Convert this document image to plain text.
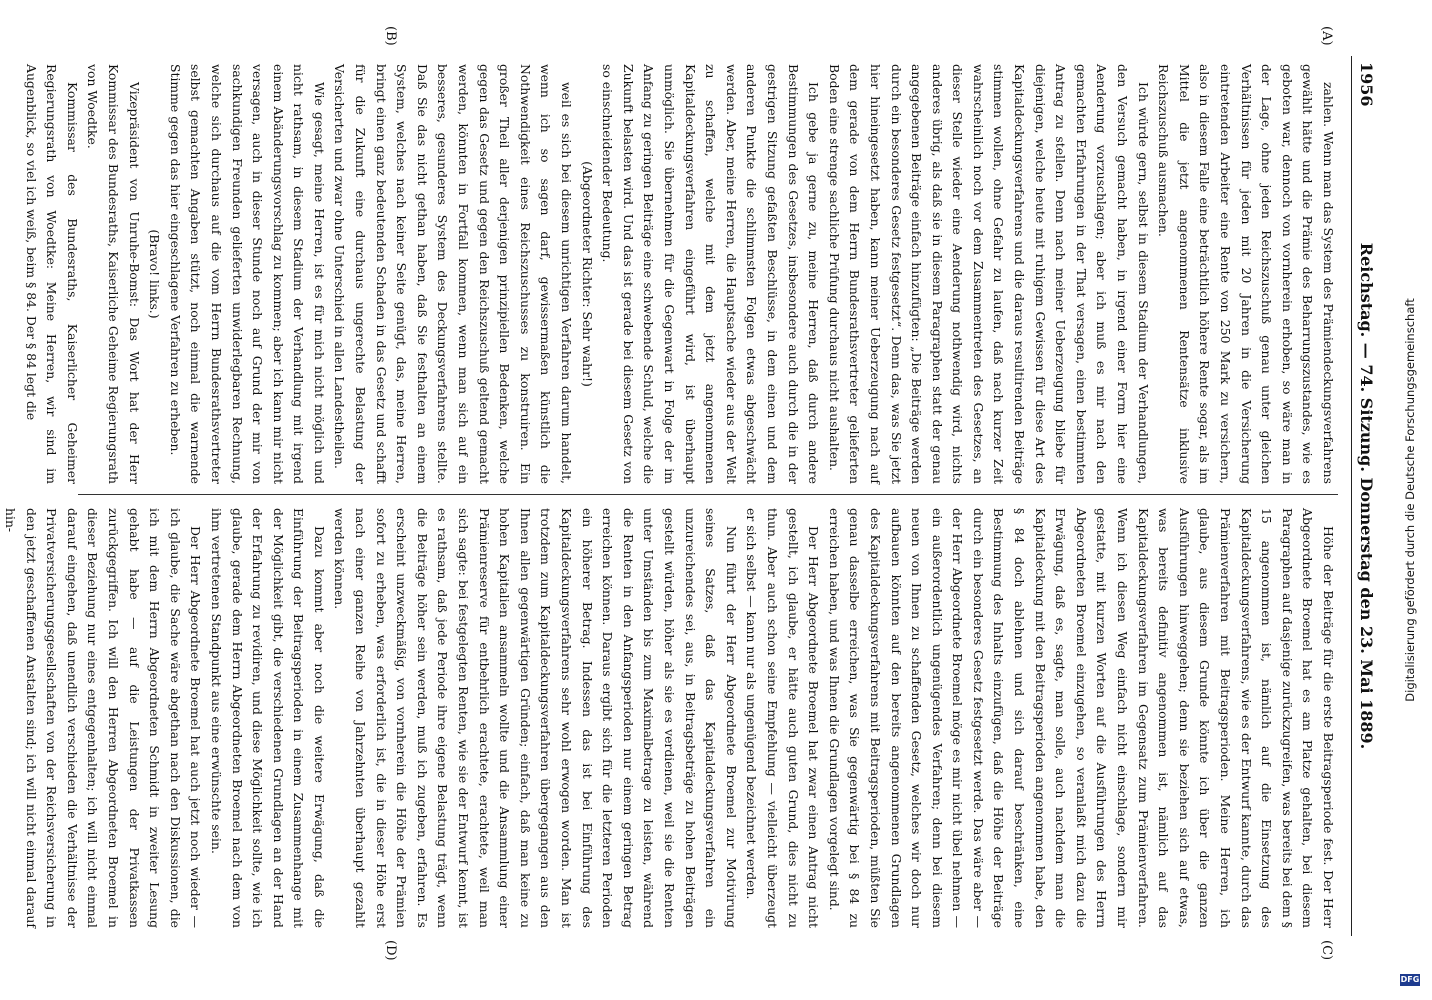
1956
Reichstag. — 74. Sitzung. Donnerstag den 23. Mai 1889.
(A)
(B)
(C)
(D)

zahlen. Wenn man das System des Prämiendeckungsverfahrens gewählt hätte und die Prämie des Beharrungszustandes, wie es geboten war, dennoch von vornherein erhoben, so wäre man in der Lage, ohne jeden Reichszuschuß genau unter gleichen Verhältnissen für jeden mit 20 Jahren in die Versicherung eintretenden Arbeiter eine Rente von 250 Mark zu versichern, also in diesem Falle eine beträchtlich höhere Rente sogar, als im Mittel die jetzt angenommenen Rentensätze inklusive Reichszuschuß ausmachen.

Ich würde gern, selbst in diesem Stadium der Verhandlungen, den Versuch gemacht haben, in irgend einer Form hier eine Aenderung vorzuschlagen; aber ich muß es mir nach den gemachten Erfahrungen in der That versagen, einen bestimmten Antrag zu stellen. Denn nach meiner Ueberzeugung bliebe für diejenigen, welche heute mit ruhigem Gewissen für diese Art des Kapitaldeckungsverfahrens und die daraus resultirenden Beiträge stimmen wollen, ohne Gefahr zu laufen, daß nach kurzer Zeit wahrscheinlich noch vor dem Zusammentreten des Gesetzes, an dieser Stelle wieder eine Aenderung nothwendig wird, nichts anderes übrig, als daß sie in diesem Paragraphen statt der genau angegebenen Beiträge einfach hinzufügten: „Die Beiträge werden durch ein besonderes Gesetz festgesetzt“. Denn das, was Sie jetzt hier hineingesetzt haben, kann meiner Ueberzeugung nach auf dem gerade von dem Herrn Bundesrathsvertreter gelieferten Boden eine strenge sachliche Prüfung durchaus nicht aushalten.

Ich gebe ja gerne zu, meine Herren, daß durch andere Bestimmungen des Gesetzes, insbesondere auch durch die in der gestrigen Sitzung gefaßten Beschlüsse, in dem einen und dem anderen Punkte die schlimmsten Folgen etwas abgeschwächt werden. Aber, meine Herren, die Hauptsache wieder aus der Welt zu schaffen, welche mit dem jetzt angenommenen Kapitaldeckungsverfahren eingeführt wird, ist überhaupt unmöglich. Sie übernehmen für die Gegenwart in Folge der im Anfang zu geringen Beiträge eine schwebende Schuld, welche die Zukunft belasten wird. Und das ist gerade bei diesem Gesetz von so einschneidender Bedeutung.

(Abgeordneter Richter: Sehr wahr!)

weil es sich bei diesem unrichtigen Verfahren darum handelt, wenn ich so sagen darf, gewissermaßen künstlich die Nothwendigkeit eines Reichszuschusses zu konstruiren. Ein großer Theil aller derjenigen prinzipiellen Bedenken, welche gegen das Gesetz und gegen den Reichszuschuß geltend gemacht werden, könnten in Fortfall kommen, wenn man sich auf ein besseres, gesunderes System des Deckungsverfahrens stellte. Daß Sie das nicht gethan haben, daß Sie festhalten an einem System, welches nach keiner Seite genügt, das, meine Herren, bringt einen ganz bedeutenden Schaden in das Gesetz und schafft für die Zukunft eine durchaus ungerechte Belastung der Versicherten und zwar ohne Unterschied in allen Landestheilen.

Wie gesagt, meine Herren, ist es für mich nicht möglich und nicht rathsam, in diesem Stadium der Verhandlung mit irgend einem Abänderungsvorschlag zu kommen; aber ich kann mir nicht versagen, auch in dieser Stunde noch auf Grund der mir von sachkundigen Freunden gelieferten unwiderlegbaren Rechnung, welche sich durchaus auf die vom Herrn Bundesrathsvertreter selbst gemachten Angaben stützt, noch einmal die warnende Stimme gegen das hier eingeschlagene Verfahren zu erheben.

(Bravo! links.)

Vizepräsident von Unruhe-Bomst: Das Wort hat der Herr Kommissar des Bundesraths, Kaiserliche Geheime Regierungsrath von Woedtke.

Kommissar des Bundesraths, Kaiserlicher Geheimer Regierungsrath von Woedtke: Meine Herren, wir sind im Augenblick, so viel ich weiß, beim § 84. Der § 84 legt die

Höhe der Beiträge für die erste Beitragsperiode fest. Der Herr Abgeordnete Broemel hat es am Platze gehalten, bei diesem Paragraphen auf dasjenige zurückzugreifen, was bereits bei dem § 15 angenommen ist, nämlich auf die Einsetzung des Kapitaldeckungsverfahrens, wie es der Entwurf kannte, durch das Prämienverfahren mit Beitragsperioden. Meine Herren, ich glaube, aus diesem Grunde könnte ich über die ganzen Ausführungen hinweggehen; denn sie beziehen sich auf etwas, was bereits definitiv angenommen ist, nämlich auf das Kapitaldeckungsverfahren im Gegensatz zum Prämienverfahren. Wenn ich diesen Weg einfach nicht einschlage, sondern mir gestatte, mit kurzen Worten auf die Ausführungen des Herrn Abgeordneten Broemel einzugehen, so veranlaßt mich dazu die Erwägung, daß es, sagte, man solle, auch nachdem man die Kapitaldeckung mit den Beitragsperioden angenommen habe, den § 84 doch ablehnen und sich darauf beschränken, eine Bestimmung des Inhalts einzufügen, daß die Höhe der Beiträge durch ein besonderes Gesetz festgesetzt werde. Das wäre aber — der Herr Abgeordnete Broemel möge es mir nicht übel nehmen — ein außerordentlich ungenügendes Verfahren; denn bei diesem neuen von Ihnen zu schaffenden Gesetz, welches wir doch nur aufbauen könnten auf den bereits angenommenen Grundlagen des Kapitaldeckungsverfahrens mit Beitragsperioden, müßten Sie genau dasselbe erreichen, was Sie gegenwärtig bei § 84 zu erreichen haben, und was Ihnen die Grundlagen vorgelegt sind.

Der Herr Abgeordnete Broemel hat zwar einen Antrag nicht gestellt, ich glaube, er hätte auch guten Grund, dies nicht zu thun. Aber auch schon seine Empfehlung — vielleicht überzeugt er sich selbst — kann nur als ungenügend bezeichnet werden.

Nun führt der Herr Abgeordnete Broemel zur Motivirung seines Satzes, daß das Kapitaldeckungsverfahren ein unzureichendes sei, aus, in Beitragsbeträge zu hohen Beiträgen gestellt würden, höher als sie es verdienen, weil sie die Renten unter Umständen bis zum Maximalbetrage zu leisten, während die Renten in den Anfangsperioden nur einem geringen Betrag erreichen können. Daraus ergibt sich für die letzteren Perioden ein höherer Betrag. Indessen das ist bei Einführung des Kapitaldeckungsverfahrens sehr wohl erwogen worden. Man ist trotzdem zum Kapitaldeckungsverfahren übergegangen aus den Ihnen allen gegenwärtigen Gründen; einfach, daß man keine zu hohen Kapitalien ansammeln wollte und die Ansammlung einer Prämienreserve für entbehrlich erachtete, erachtete, weil man sich sagte: bei festgelegten Renten, wie sie der Entwurf kennt, ist es rathsam, daß jede Periode ihre eigene Belastung trägt, wenn die Beiträge höher sein werden, muß ich zugeben, erfahren. Es erscheint unzweckmäßig, von vornherein die Höhe der Prämien sofort zu erheben, was erforderlich ist, die in dieser Höhe erst nach einer ganzen Reihe von Jahrzehnten überhaupt gezahlt werden können.

Dazu kommt aber noch die weitere Erwägung, daß die Einführung der Beitragsperioden in einem Zusammenhange mit der Möglichkeit gibt, die verschiedenen Grundlagen an der Hand der Erfahrung zu revidiren, und diese Möglichkeit sollte, wie ich glaube, gerade dem Herrn Abgeordneten Broemel nach dem von ihm vertretenen Standpunkt aus eine erwünschte sein.

Der Herr Abgeordnete Broemel hat auch jetzt noch wieder — ich glaube, die Sache wäre abgethan nach den Diskussionen, die ich mit dem Herrn Abgeordneten Schmidt in zweiter Lesung gehabt habe — auf die Leistungen der Privatkassen zurückgegriffen. Ich will den Herren Abgeordneten Broemel in dieser Beziehung nur eines entgegenhalten; ich will nicht einmal darauf eingehen, daß unendlich verschieden die Verhältnisse der Privatversicherungsgesellschaften von der Reichsversicherung in den jetzt geschaffenen Anstalten sind; ich will nicht einmal darauf hin-	Digitalisierung gefördert durch die Deutsche Forschungsgemeinschaft
DFG
